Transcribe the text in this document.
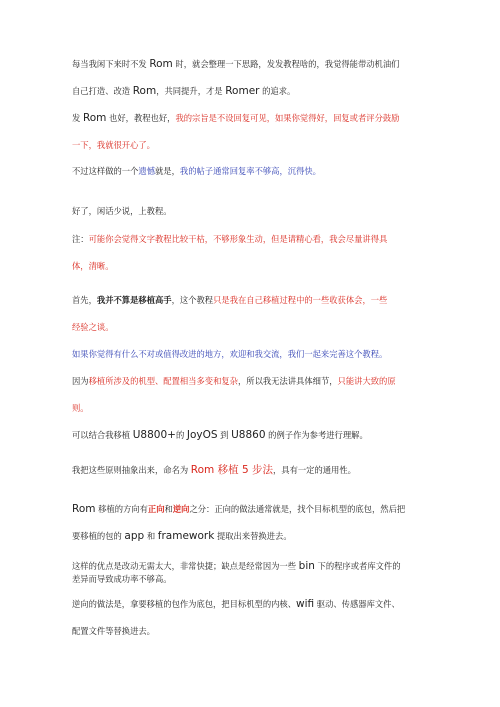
每当我闲下来时不发 Rom 时，就会整理一下思路，发发教程啥的，我觉得能带动机油们
自己打造、改造 Rom，共同提升，才是 Romer 的追求。
发 Rom 也好，教程也好，我的宗旨是不设回复可见，如果你觉得好，回复或者评分鼓励
一下，我就很开心了。
不过这样做的一个遗憾就是，我的帖子通常回复率不够高，沉得快。
好了，闲话少说，上教程。
注：可能你会觉得文字教程比较干枯，不够形象生动，但是请精心看，我会尽量讲得具
体，清晰。
首先，我并不算是移植高手，这个教程只是我在自己移植过程中的一些收获体会，一些
经验之谈。
如果你觉得有什么不对或值得改进的地方，欢迎和我交流，我们一起来完善这个教程。
因为移植所涉及的机型、配置相当多变和复杂，所以我无法讲具体细节，只能讲大致的原
则。
可以结合我移植 U8800+的 JoyOS 到 U8860 的例子作为参考进行理解。
我把这些原则抽象出来，命名为 Rom 移植 5 步法，具有一定的通用性。
Rom 移植的方向有正向和逆向之分：正向的做法通常就是，找个目标机型的底包，然后把
要移植的包的 app 和 framework 提取出来替换进去。
这样的优点是改动无需太大，非常快捷；缺点是经常因为一些 bin 下的程序或者库文件的
差异而导致成功率不够高。
逆向的做法是，拿要移植的包作为底包，把目标机型的内核、wifi 驱动、传感器库文件、
配置文件等替换进去。
